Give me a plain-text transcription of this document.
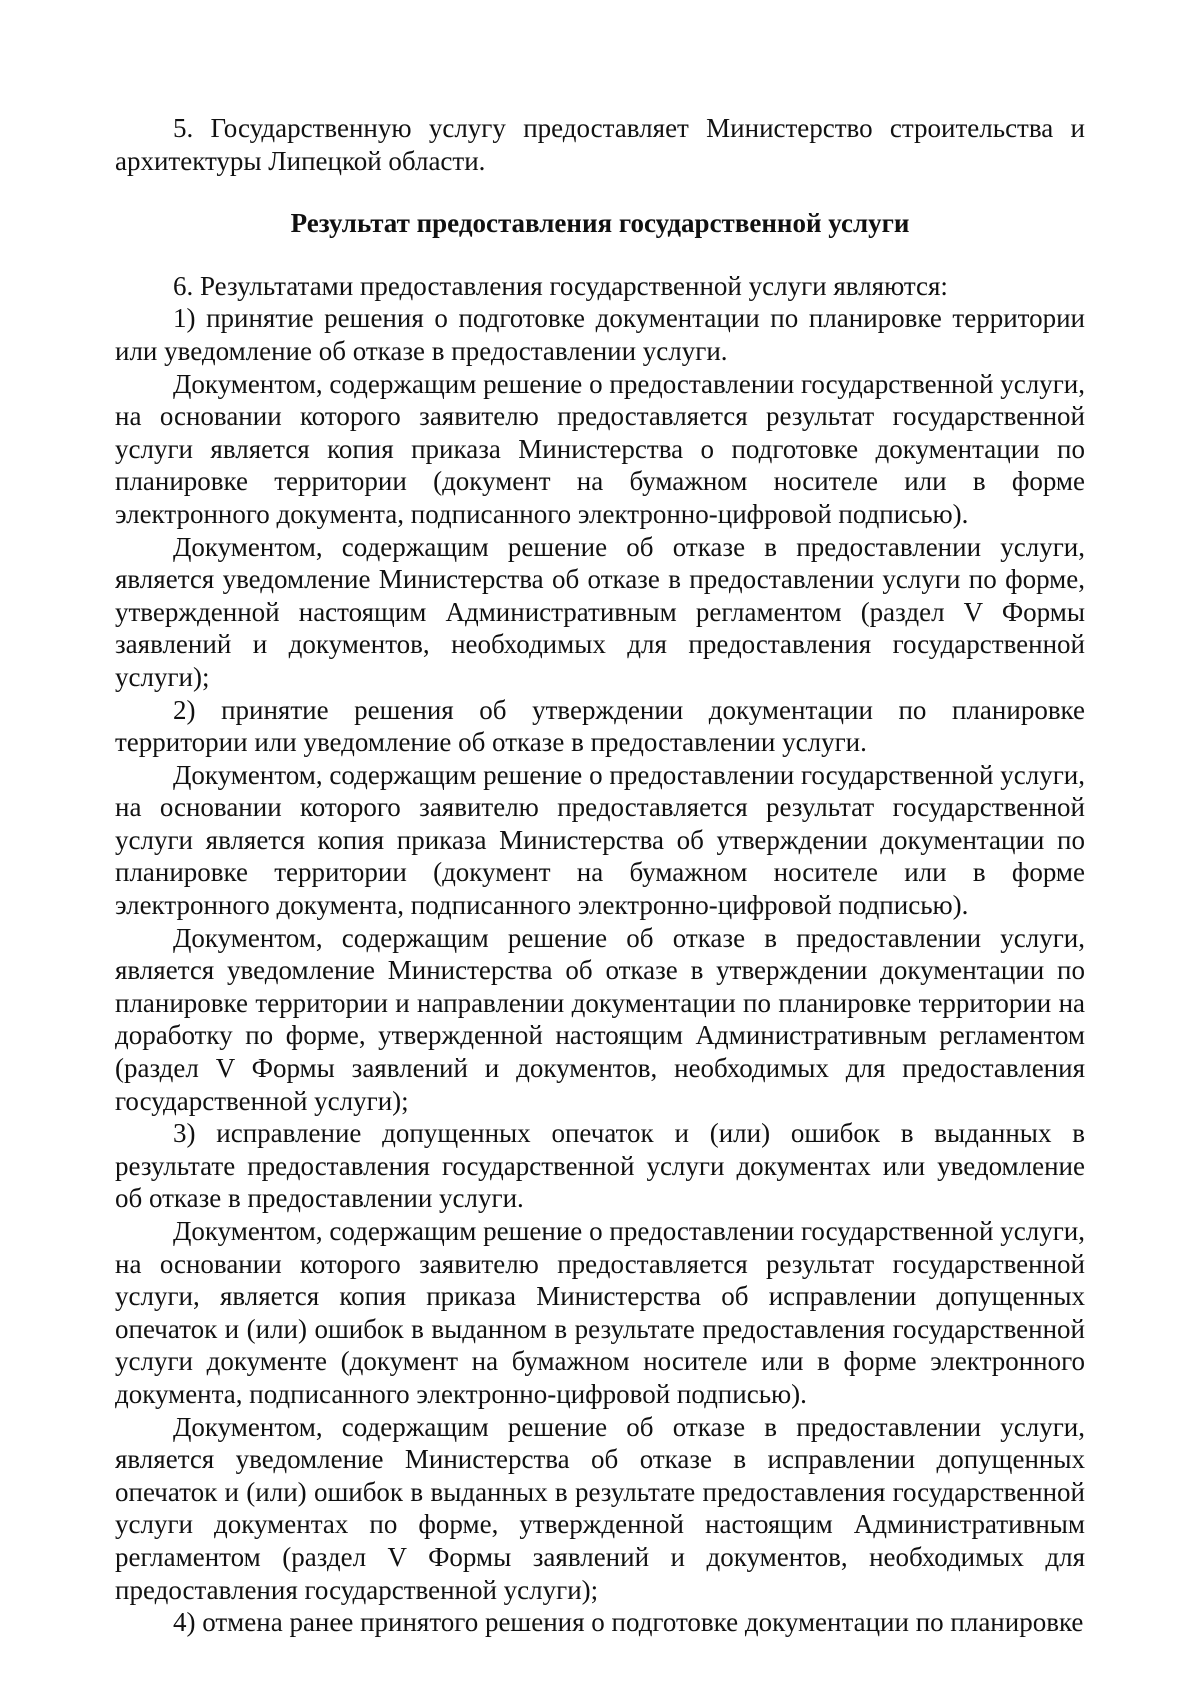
5. Государственную услугу предоставляет Министерство строительства и архитектуры Липецкой области.

Результат предоставления государственной услуги

6. Результатами предоставления государственной услуги являются:

1) принятие решения о подготовке документации по планировке территории или уведомление об отказе в предоставлении услуги.

Документом, содержащим решение о предоставлении государственной услуги, на основании которого заявителю предоставляется результат государственной услуги является копия приказа Министерства о подготовке документации по планировке территории (документ на бумажном носителе или в форме электронного документа, подписанного электронно-цифровой подписью).

Документом, содержащим решение об отказе в предоставлении услуги, является уведомление Министерства об отказе в предоставлении услуги по форме, утвержденной настоящим Административным регламентом (раздел V Формы заявлений и документов, необходимых для предоставления государственной услуги);

2) принятие решения об утверждении документации по планировке территории или уведомление об отказе в предоставлении услуги.

Документом, содержащим решение о предоставлении государственной услуги, на основании которого заявителю предоставляется результат государственной услуги является копия приказа Министерства об утверждении документации по планировке территории (документ на бумажном носителе или в форме электронного документа, подписанного электронно-цифровой подписью).

Документом, содержащим решение об отказе в предоставлении услуги, является уведомление Министерства об отказе в утверждении документации по планировке территории и направлении документации по планировке территории на доработку по форме, утвержденной настоящим Административным регламентом (раздел V Формы заявлений и документов, необходимых для предоставления государственной услуги);

3) исправление допущенных опечаток и (или) ошибок в выданных в результате предоставления государственной услуги документах или уведомление об отказе в предоставлении услуги.

Документом, содержащим решение о предоставлении государственной услуги, на основании которого заявителю предоставляется результат государственной услуги, является копия приказа Министерства об исправлении допущенных опечаток и (или) ошибок в выданном в результате предоставления государственной услуги документе (документ на бумажном носителе или в форме электронного документа, подписанного электронно-цифровой подписью).

Документом, содержащим решение об отказе в предоставлении услуги, является уведомление Министерства об отказе в исправлении допущенных опечаток и (или) ошибок в выданных в результате предоставления государственной услуги документах по форме, утвержденной настоящим Административным регламентом (раздел V Формы заявлений и документов, необходимых для предоставления государственной услуги);

4) отмена ранее принятого решения о подготовке документации по планировке
